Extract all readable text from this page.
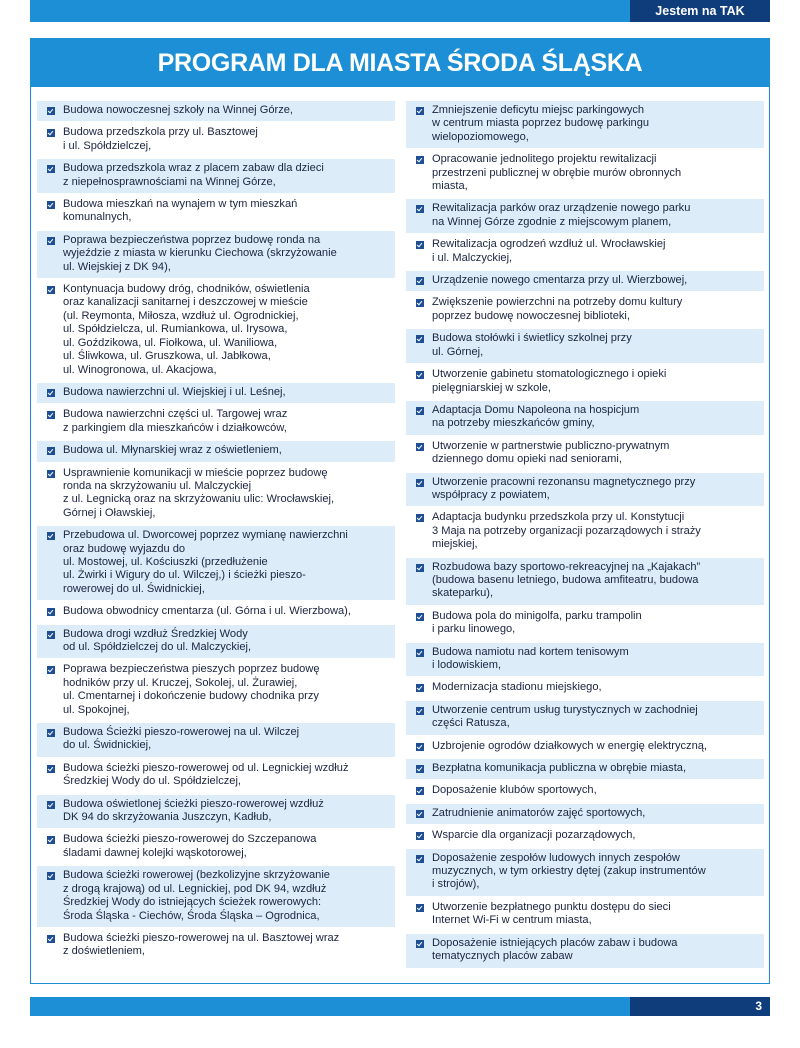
Jestem na TAK
PROGRAM DLA MIASTA ŚRODA ŚLĄSKA
Budowa nowoczesnej szkoły na Winnej Górze,
Budowa przedszkola przy ul. Basztowej
i ul. Spółdzielczej,
Budowa przedszkola wraz z placem zabaw dla dzieci
z niepełnosprawnościami na Winnej Górze,
Budowa mieszkań na wynajem w tym mieszkań
komunalnych,
Poprawa bezpieczeństwa poprzez budowę ronda na
wyjeździe z miasta w kierunku Ciechowa (skrzyżowanie
ul. Wiejskiej z DK 94),
Kontynuacja budowy dróg, chodników, oświetlenia
oraz kanalizacji sanitarnej i deszczowej w mieście
(ul. Reymonta, Miłosza, wzdłuż ul. Ogrodnickiej,
ul. Spółdzielcza, ul. Rumiankowa, ul. Irysowa,
ul. Goździkowa, ul. Fiołkowa, ul. Waniliowa,
ul. Śliwkowa, ul. Gruszkowa, ul. Jabłkowa,
ul. Winogronowa, ul. Akacjowa,
Budowa nawierzchni ul. Wiejskiej i ul. Leśnej,
Budowa nawierzchni części ul. Targowej wraz
z parkingiem dla mieszkańców i działkowców,
Budowa ul. Młynarskiej wraz z oświetleniem,
Usprawnienie komunikacji w mieście poprzez budowę
ronda na skrzyżowaniu ul. Malczyckiej
z ul. Legnicką oraz na skrzyżowaniu ulic: Wrocławskiej,
Górnej i Oławskiej,
Przebudowa ul. Dworcowej poprzez wymianę nawierzchni
oraz budowę wyjazdu do
ul. Mostowej, ul. Kościuszki (przedłużenie
ul. Żwirki i Wigury do ul. Wilczej,) i ścieżki pieszo-
rowerowej do ul. Świdnickiej,
Budowa obwodnicy cmentarza (ul. Górna i ul. Wierzbowa),
Budowa drogi wzdłuż Średzkiej Wody
od ul. Spółdzielczej do ul. Malczyckiej,
Poprawa bezpieczeństwa pieszych poprzez budowę
hodników przy ul. Kruczej, Sokolej, ul. Żurawiej,
ul. Cmentarnej i dokończenie budowy chodnika przy
ul. Spokojnej,
Budowa Ścieżki pieszo-rowerowej na ul. Wilczej
do ul. Świdnickiej,
Budowa ścieżki pieszo-rowerowej od ul. Legnickiej wzdłuż
Średzkiej Wody do ul. Spółdzielczej,
Budowa oświetlonej ścieżki pieszo-rowerowej wzdłuż
DK 94 do skrzyżowania Juszczyn, Kadłub,
Budowa ścieżki pieszo-rowerowej do Szczepanowa
śladami dawnej kolejki wąskotorowej,
Budowa ścieżki rowerowej (bezkolizyjne skrzyżowanie
z drogą krajową) od ul. Legnickiej, pod DK 94, wzdłuż
Średzkiej Wody do istniejących ścieżek rowerowych:
Środa Śląska - Ciechów, Środa Śląska – Ogrodnica,
Budowa ścieżki pieszo-rowerowej na ul. Basztowej wraz
z doświetleniem,
Zmniejszenie deficytu miejsc parkingowych
w centrum miasta poprzez budowę parkingu
wielopoziomowego,
Opracowanie jednolitego projektu rewitalizacji
przestrzeni publicznej w obrębie murów obronnych
miasta,
Rewitalizacja parków oraz urządzenie nowego parku
na Winnej Górze zgodnie z miejscowym planem,
Rewitalizacja ogrodzeń wzdłuż ul. Wrocławskiej
i ul. Malczyckiej,
Urządzenie nowego cmentarza przy ul. Wierzbowej,
Zwiększenie powierzchni na potrzeby domu kultury
poprzez budowę nowoczesnej biblioteki,
Budowa stołówki i świetlicy szkolnej przy
ul. Górnej,
Utworzenie gabinetu stomatologicznego i opieki
pielęgniarskiej w szkole,
Adaptacja Domu Napoleona na hospicjum
na potrzeby mieszkańców gminy,
Utworzenie w partnerstwie publiczno-prywatnym
dziennego domu opieki nad seniorami,
Utworzenie pracowni rezonansu magnetycznego przy
współpracy z powiatem,
Adaptacja budynku przedszkola przy ul. Konstytucji
3 Maja na potrzeby organizacji pozarządowych i straży
miejskiej,
Rozbudowa bazy sportowo-rekreacyjnej na „Kajakach”
(budowa basenu letniego, budowa amfiteatru, budowa
skateparku),
Budowa pola do minigolfa, parku trampolin
i parku linowego,
Budowa namiotu nad kortem tenisowym
i lodowiskiem,
Modernizacja stadionu miejskiego,
Utworzenie centrum usług turystycznych w zachodniej
części Ratusza,
Uzbrojenie ogrodów działkowych w energię elektryczną,
Bezpłatna komunikacja publiczna w obrębie miasta,
Doposażenie klubów sportowych,
Zatrudnienie animatorów zajęć sportowych,
Wsparcie dla organizacji pozarządowych,
Doposażenie zespołów ludowych innych zespołów
muzycznych, w tym orkiestry dętej (zakup instrumentów
i strojów),
Utworzenie bezpłatnego punktu dostępu do sieci
Internet Wi-Fi w centrum miasta,
Doposażenie istniejących placów zabaw i budowa
tematycznych placów zabaw
3
